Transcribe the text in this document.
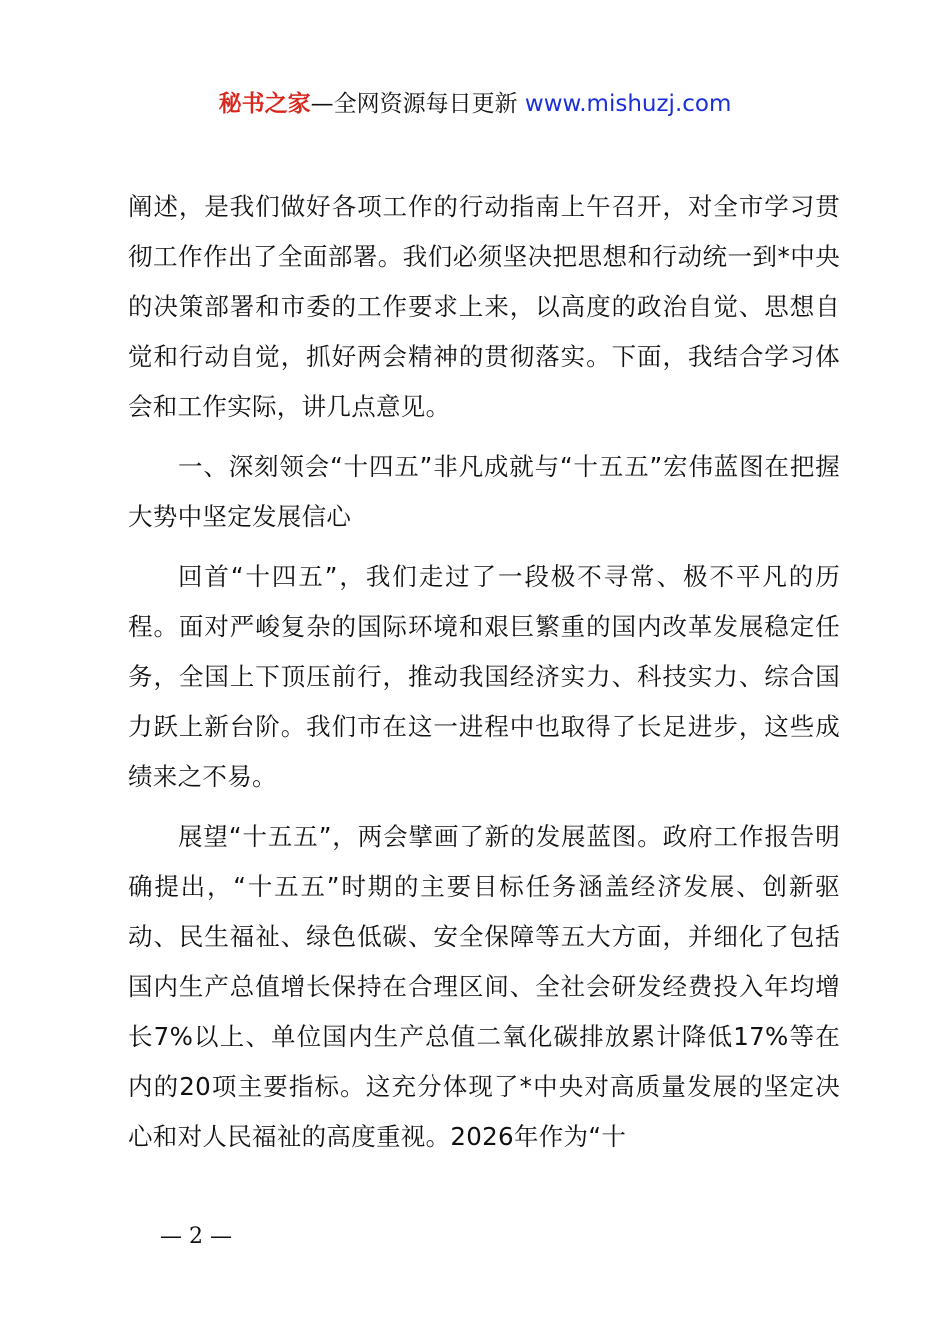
秘书之家—全网资源每日更新 www.mishuzj.com

阐述，是我们做好各项工作的行动指南上午召开，对全市学习贯彻工作作出了全面部署。我们必须坚决把思想和行动统一到*中央的决策部署和市委的工作要求上来，以高度的政治自觉、思想自觉和行动自觉，抓好两会精神的贯彻落实。下面，我结合学习体会和工作实际，讲几点意见。

一、深刻领会“十四五”非凡成就与“十五五”宏伟蓝图在把握大势中坚定发展信心

回首“十四五”，我们走过了一段极不寻常、极不平凡的历程。面对严峻复杂的国际环境和艰巨繁重的国内改革发展稳定任务，全国上下顶压前行，推动我国经济实力、科技实力、综合国力跃上新台阶。我们市在这一进程中也取得了长足进步，这些成绩来之不易。

展望“十五五”，两会擘画了新的发展蓝图。政府工作报告明确提出，“十五五”时期的主要目标任务涵盖经济发展、创新驱动、民生福祉、绿色低碳、安全保障等五大方面，并细化了包括国内生产总值增长保持在合理区间、全社会研发经费投入年均增长7%以上、单位国内生产总值二氧化碳排放累计降低17%等在内的20项主要指标。这充分体现了*中央对高质量发展的坚定决心和对人民福祉的高度重视。2026年作为“十

— 2 —
